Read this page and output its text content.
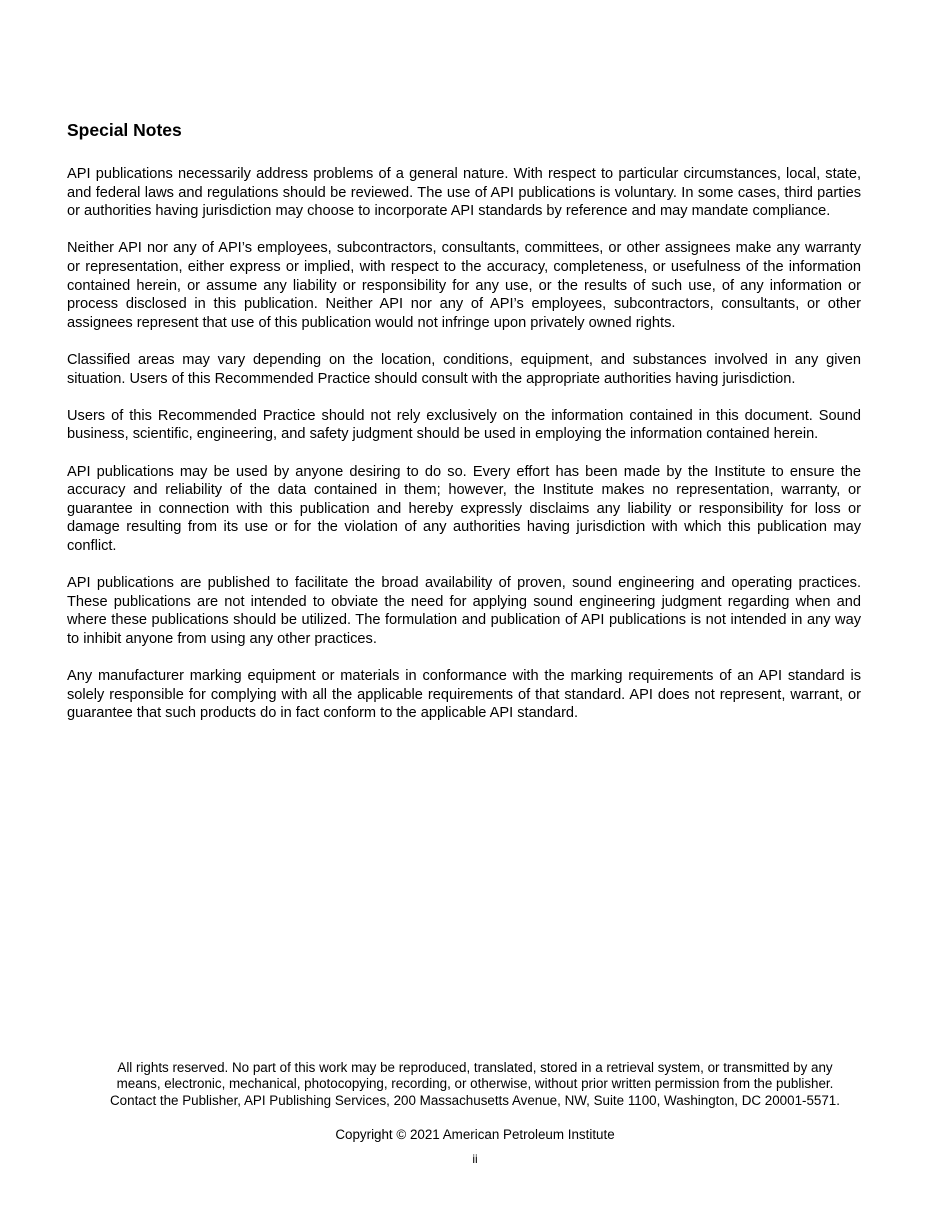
Special Notes

API publications necessarily address problems of a general nature. With respect to particular circumstances, local, state, and federal laws and regulations should be reviewed. The use of API publications is voluntary. In some cases, third parties or authorities having jurisdiction may choose to incorporate API standards by reference and may mandate compliance.

Neither API nor any of API’s employees, subcontractors, consultants, committees, or other assignees make any warranty or representation, either express or implied, with respect to the accuracy, completeness, or usefulness of the information contained herein, or assume any liability or responsibility for any use, or the results of such use, of any information or process disclosed in this publication. Neither API nor any of API’s employees, subcontractors, consultants, or other assignees represent that use of this publication would not infringe upon privately owned rights.

Classified areas may vary depending on the location, conditions, equipment, and substances involved in any given situation. Users of this Recommended Practice should consult with the appropriate authorities having jurisdiction.

Users of this Recommended Practice should not rely exclusively on the information contained in this document. Sound business, scientific, engineering, and safety judgment should be used in employing the information contained herein.

API publications may be used by anyone desiring to do so. Every effort has been made by the Institute to ensure the accuracy and reliability of the data contained in them; however, the Institute makes no representation, warranty, or guarantee in connection with this publication and hereby expressly disclaims any liability or responsibility for loss or damage resulting from its use or for the violation of any authorities having jurisdiction with which this publication may conflict.

API publications are published to facilitate the broad availability of proven, sound engineering and operating practices. These publications are not intended to obviate the need for applying sound engineering judgment regarding when and where these publications should be utilized. The formulation and publication of API publications is not intended in any way to inhibit anyone from using any other practices.

Any manufacturer marking equipment or materials in conformance with the marking requirements of an API standard is solely responsible for complying with all the applicable requirements of that standard. API does not represent, warrant, or guarantee that such products do in fact conform to the applicable API standard.

All rights reserved. No part of this work may be reproduced, translated, stored in a retrieval system, or transmitted by any
means, electronic, mechanical, photocopying, recording, or otherwise, without prior written permission from the publisher.
Contact the Publisher, API Publishing Services, 200 Massachusetts Avenue, NW, Suite 1100, Washington, DC 20001-5571.

Copyright © 2021 American Petroleum Institute

ii
